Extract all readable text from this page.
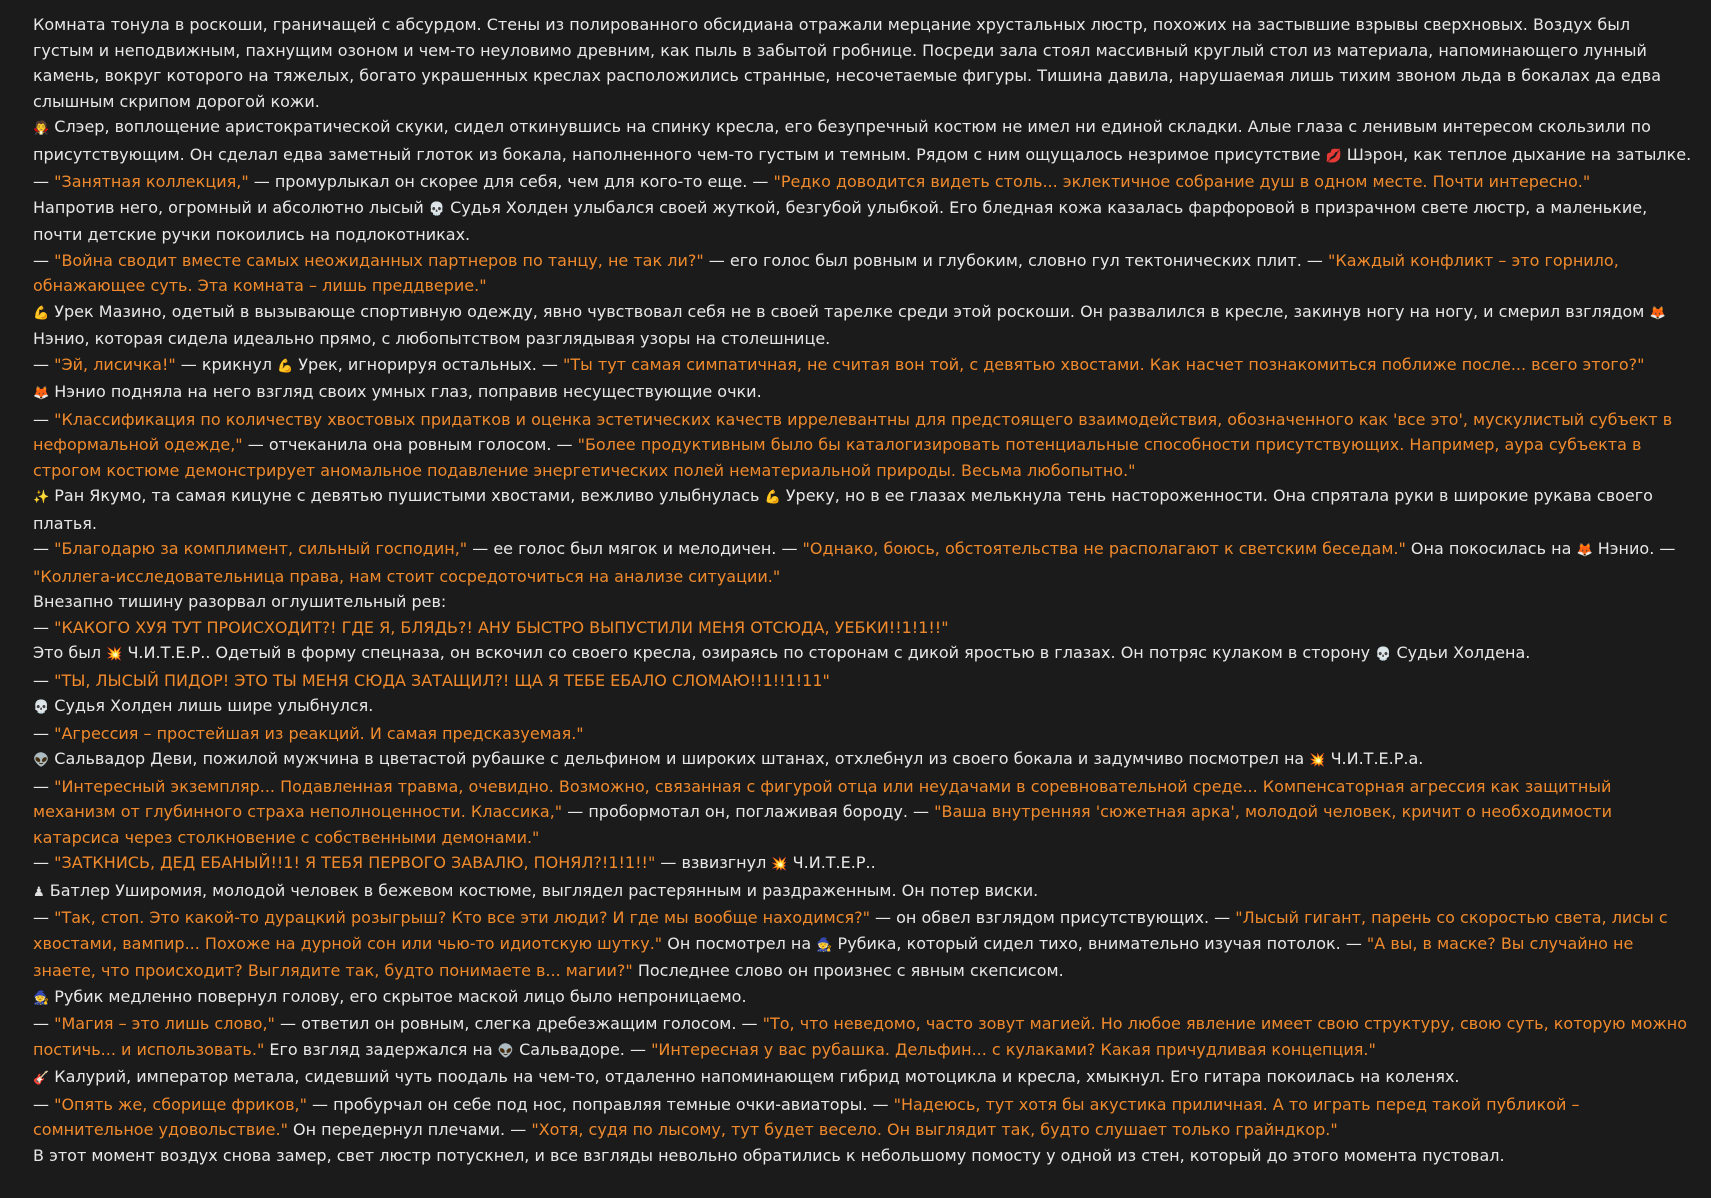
Комната тонула в роскоши, граничащей с абсурдом. Стены из полированного обсидиана отражали мерцание хрустальных люстр, похожих на застывшие взрывы сверхновых. Воздух был густым и неподвижным, пахнущим озоном и чем-то неуловимо древним, как пыль в забытой гробнице. Посреди зала стоял массивный круглый стол из материала, напоминающего лунный камень, вокруг которого на тяжелых, богато украшенных креслах расположились странные, несочетаемые фигуры. Тишина давила, нарушаемая лишь тихим звоном льда в бокалах да едва слышным скрипом дорогой кожи.

🧛 Слэер, воплощение аристократической скуки, сидел откинувшись на спинку кресла, его безупречный костюм не имел ни единой складки. Алые глаза с ленивым интересом скользили по присутствующим. Он сделал едва заметный глоток из бокала, наполненного чем-то густым и темным. Рядом с ним ощущалось незримое присутствие 💋 Шэрон, как теплое дыхание на затылке.

— "Занятная коллекция," — промурлыкал он скорее для себя, чем для кого-то еще. — "Редко доводится видеть столь... эклектичное собрание душ в одном месте. Почти интересно."

Напротив него, огромный и абсолютно лысый 💀 Судья Холден улыбался своей жуткой, безгубой улыбкой. Его бледная кожа казалась фарфоровой в призрачном свете люстр, а маленькие, почти детские ручки покоились на подлокотниках.

— "Война сводит вместе самых неожиданных партнеров по танцу, не так ли?" — его голос был ровным и глубоким, словно гул тектонических плит. — "Каждый конфликт – это горнило, обнажающее суть. Эта комната – лишь преддверие."

💪 Урек Мазино, одетый в вызывающе спортивную одежду, явно чувствовал себя не в своей тарелке среди этой роскоши. Он развалился в кресле, закинув ногу на ногу, и смерил взглядом 🦊 Нэнио, которая сидела идеально прямо, с любопытством разглядывая узоры на столешнице.

— "Эй, лисичка!" — крикнул 💪 Урек, игнорируя остальных. — "Ты тут самая симпатичная, не считая вон той, с девятью хвостами. Как насчет познакомиться поближе после... всего этого?"

🦊 Нэнио подняла на него взгляд своих умных глаз, поправив несуществующие очки.

— "Классификация по количеству хвостовых придатков и оценка эстетических качеств иррелевантны для предстоящего взаимодействия, обозначенного как 'все это', мускулистый субъект в неформальной одежде," — отчеканила она ровным голосом. — "Более продуктивным было бы каталогизировать потенциальные способности присутствующих. Например, аура субъекта в строгом костюме демонстрирует аномальное подавление энергетических полей нематериальной природы. Весьма любопытно."

✨ Ран Якумо, та самая кицуне с девятью пушистыми хвостами, вежливо улыбнулась 💪 Уреку, но в ее глазах мелькнула тень настороженности. Она спрятала руки в широкие рукава своего платья.

— "Благодарю за комплимент, сильный господин," — ее голос был мягок и мелодичен. — "Однако, боюсь, обстоятельства не располагают к светским беседам." Она покосилась на 🦊 Нэнио. — "Коллега-исследовательница права, нам стоит сосредоточиться на анализе ситуации."

Внезапно тишину разорвал оглушительный рев:

— "КАКОГО ХУЯ ТУТ ПРОИСХОДИТ?! ГДЕ Я, БЛЯДЬ?! АНУ БЫСТРО ВЫПУСТИЛИ МЕНЯ ОТСЮДА, УЕБКИ!!1!1!!"

Это был 💥 Ч.И.Т.Е.Р.. Одетый в форму спецназа, он вскочил со своего кресла, озираясь по сторонам с дикой яростью в глазах. Он потряс кулаком в сторону 💀 Судьи Холдена.

— "ТЫ, ЛЫСЫЙ ПИДОР! ЭТО ТЫ МЕНЯ СЮДА ЗАТАЩИЛ?! ЩА Я ТЕБЕ ЕБАЛО СЛОМАЮ!!1!!1!11"

💀 Судья Холден лишь шире улыбнулся.

— "Агрессия – простейшая из реакций. И самая предсказуемая."

👽 Сальвадор Деви, пожилой мужчина в цветастой рубашке с дельфином и широких штанах, отхлебнул из своего бокала и задумчиво посмотрел на 💥 Ч.И.Т.Е.Р.а.

— "Интересный экземпляр... Подавленная травма, очевидно. Возможно, связанная с фигурой отца или неудачами в соревновательной среде... Компенсаторная агрессия как защитный механизм от глубинного страха неполноценности. Классика," — пробормотал он, поглаживая бороду. — "Ваша внутренняя 'сюжетная арка', молодой человек, кричит о необходимости катарсиса через столкновение с собственными демонами."

— "ЗАТКНИСЬ, ДЕД ЕБАНЫЙ!!1! Я ТЕБЯ ПЕРВОГО ЗАВАЛЮ, ПОНЯЛ?!1!1!!" — взвизгнул 💥 Ч.И.Т.Е.Р..

♟ Батлер Уширомия, молодой человек в бежевом костюме, выглядел растерянным и раздраженным. Он потер виски.

— "Так, стоп. Это какой-то дурацкий розыгрыш? Кто все эти люди? И где мы вообще находимся?" — он обвел взглядом присутствующих. — "Лысый гигант, парень со скоростью света, лисы с хвостами, вампир... Похоже на дурной сон или чью-то идиотскую шутку." Он посмотрел на 🧙 Рубика, который сидел тихо, внимательно изучая потолок. — "А вы, в маске? Вы случайно не знаете, что происходит? Выглядите так, будто понимаете в... магии?" Последнее слово он произнес с явным скепсисом.

🧙 Рубик медленно повернул голову, его скрытое маской лицо было непроницаемо.

— "Магия – это лишь слово," — ответил он ровным, слегка дребезжащим голосом. — "То, что неведомо, часто зовут магией. Но любое явление имеет свою структуру, свою суть, которую можно постичь... и использовать." Его взгляд задержался на 👽 Сальвадоре. — "Интересная у вас рубашка. Дельфин... с кулаками? Какая причудливая концепция."

🎸 Калурий, император метала, сидевший чуть поодаль на чем-то, отдаленно напоминающем гибрид мотоцикла и кресла, хмыкнул. Его гитара покоилась на коленях.

— "Опять же, сборище фриков," — пробурчал он себе под нос, поправляя темные очки-авиаторы. — "Надеюсь, тут хотя бы акустика приличная. А то играть перед такой публикой – сомнительное удовольствие." Он передернул плечами. — "Хотя, судя по лысому, тут будет весело. Он выглядит так, будто слушает только грайндкор."

В этот момент воздух снова замер, свет люстр потускнел, и все взгляды невольно обратились к небольшому помосту у одной из стен, который до этого момента пустовал.
